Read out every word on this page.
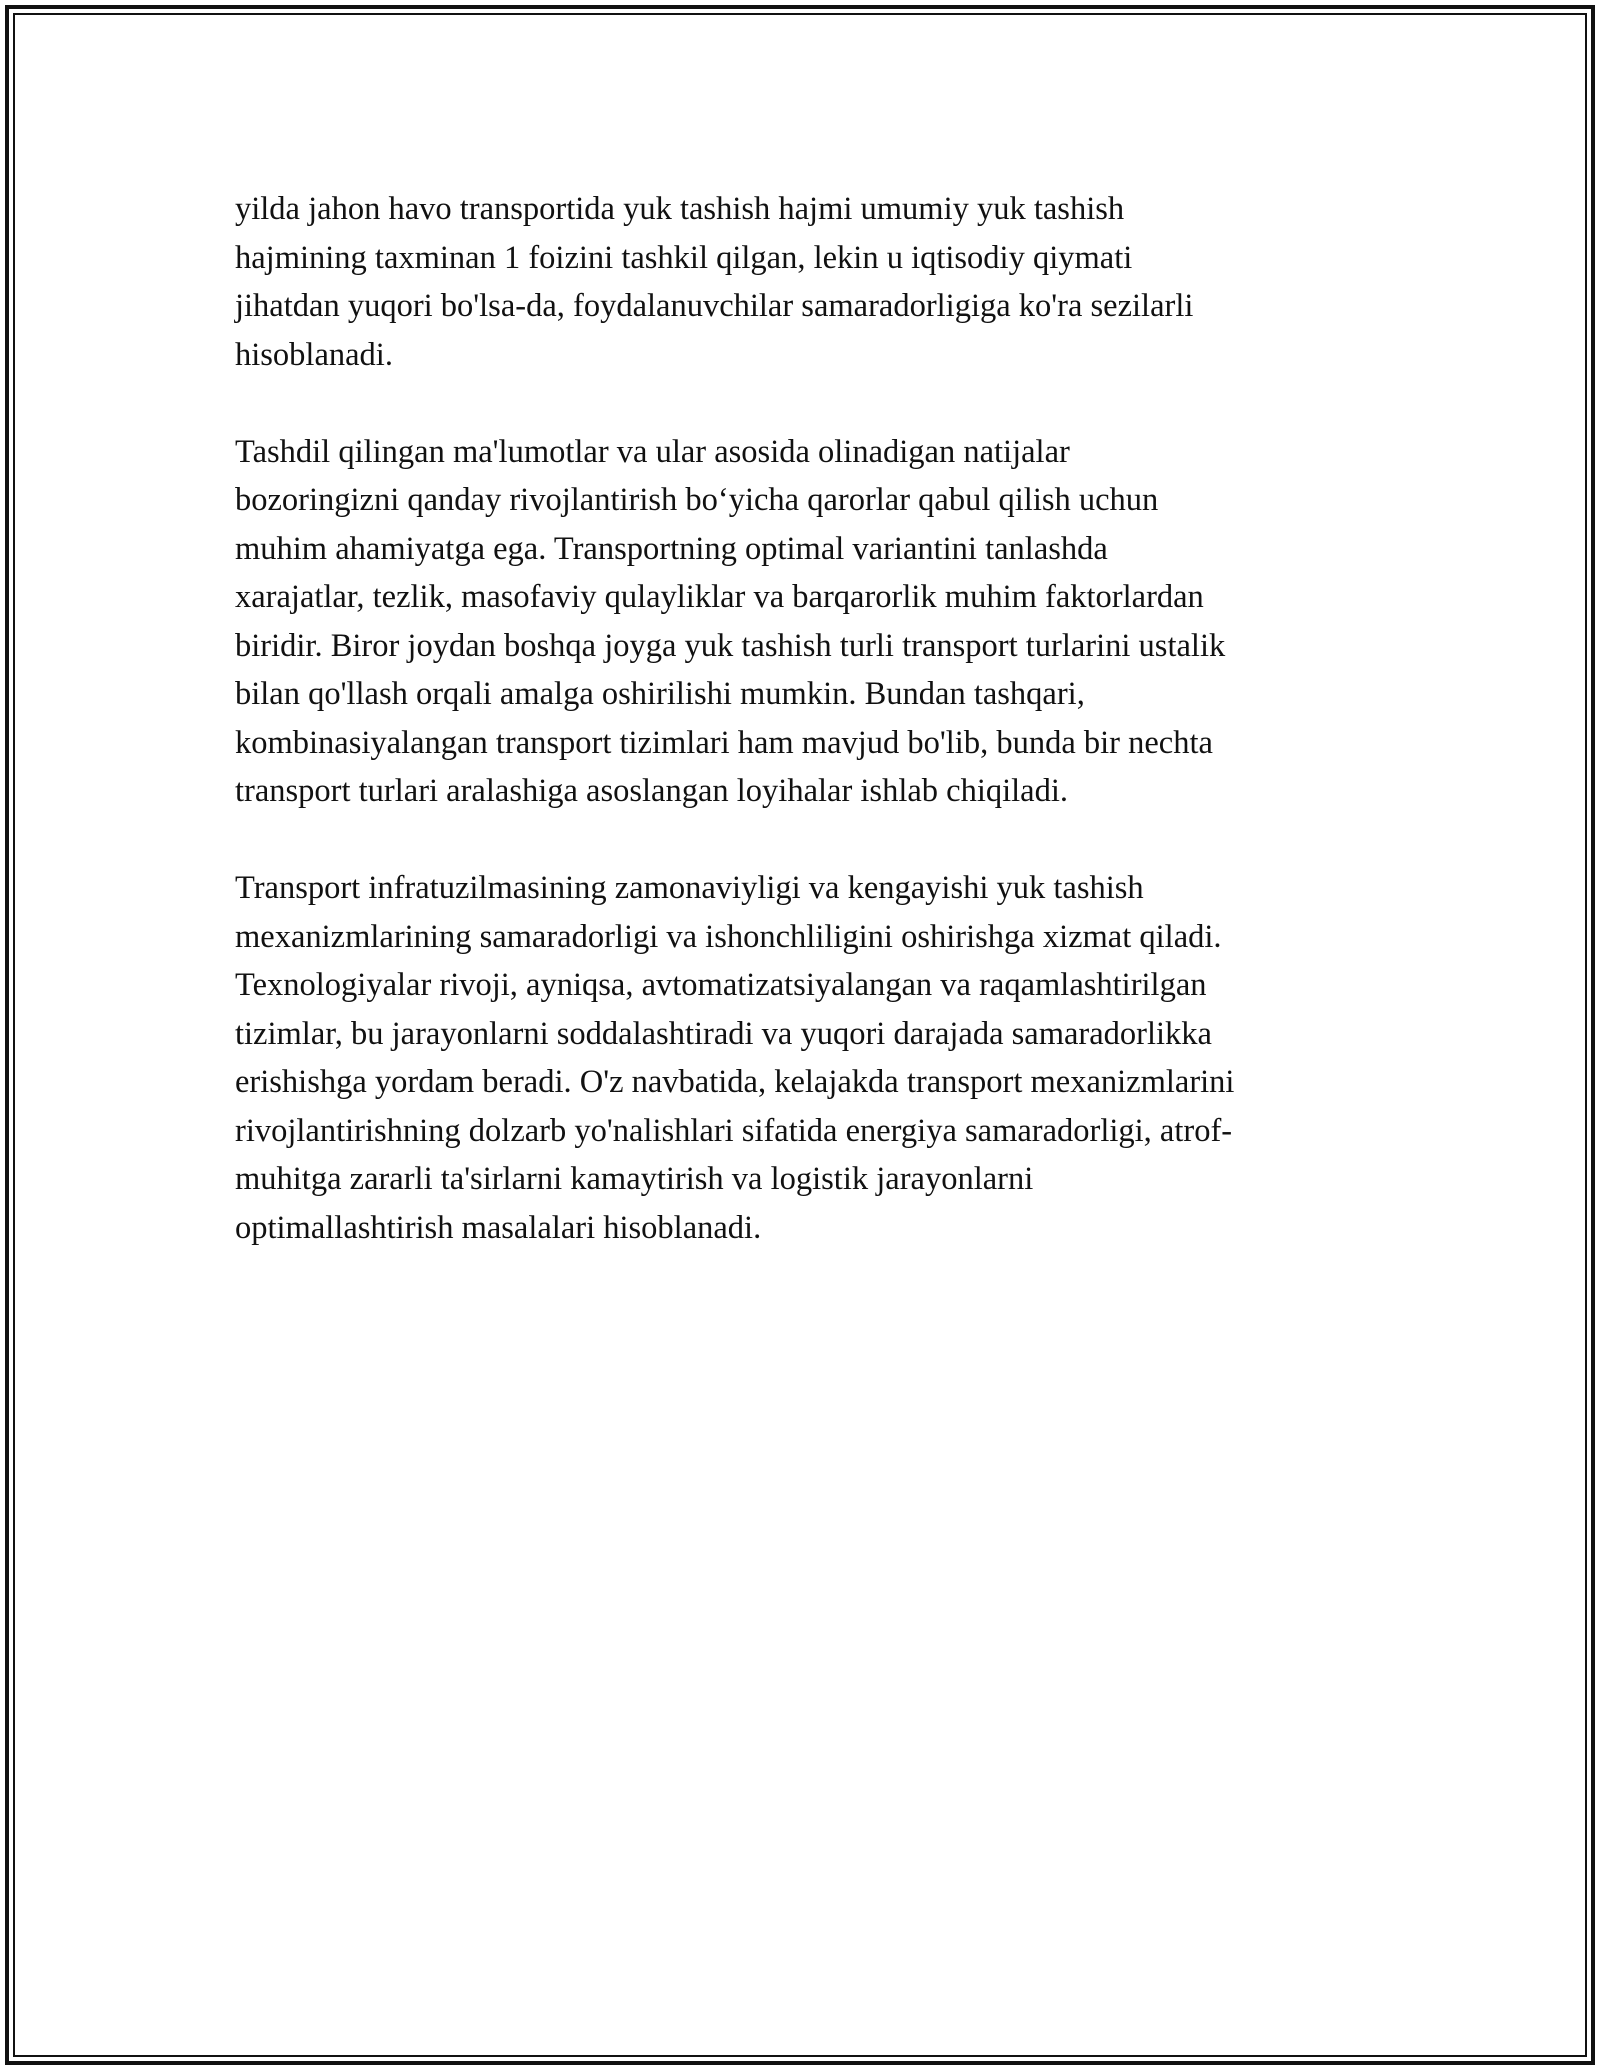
yilda jahon havo transportida yuk tashish hajmi umumiy yuk tashish
hajmining taxminan 1 foizini tashkil qilgan, lekin u iqtisodiy qiymati
jihatdan yuqori bo'lsa-da, foydalanuvchilar samaradorligiga ko'ra sezilarli
hisoblanadi.

Tashdil qilingan ma'lumotlar va ular asosida olinadigan natijalar
bozoringizni qanday rivojlantirish bo‘yicha qarorlar qabul qilish uchun
muhim ahamiyatga ega. Transportning optimal variantini tanlashda
xarajatlar, tezlik, masofaviy qulayliklar va barqarorlik muhim faktorlardan
biridir. Biror joydan boshqa joyga yuk tashish turli transport turlarini ustalik
bilan qo'llash orqali amalga oshirilishi mumkin. Bundan tashqari,
kombinasiyalangan transport tizimlari ham mavjud bo'lib, bunda bir nechta
transport turlari aralashiga asoslangan loyihalar ishlab chiqiladi.

Transport infratuzilmasining zamonaviyligi va kengayishi yuk tashish
mexanizmlarining samaradorligi va ishonchliligini oshirishga xizmat qiladi.
Texnologiyalar rivoji, ayniqsa, avtomatizatsiyalangan va raqamlashtirilgan
tizimlar, bu jarayonlarni soddalashtiradi va yuqori darajada samaradorlikka
erishishga yordam beradi. O'z navbatida, kelajakda transport mexanizmlarini
rivojlantirishning dolzarb yo'nalishlari sifatida energiya samaradorligi, atrof-
muhitga zararli ta'sirlarni kamaytirish va logistik jarayonlarni
optimallashtirish masalalari hisoblanadi.
